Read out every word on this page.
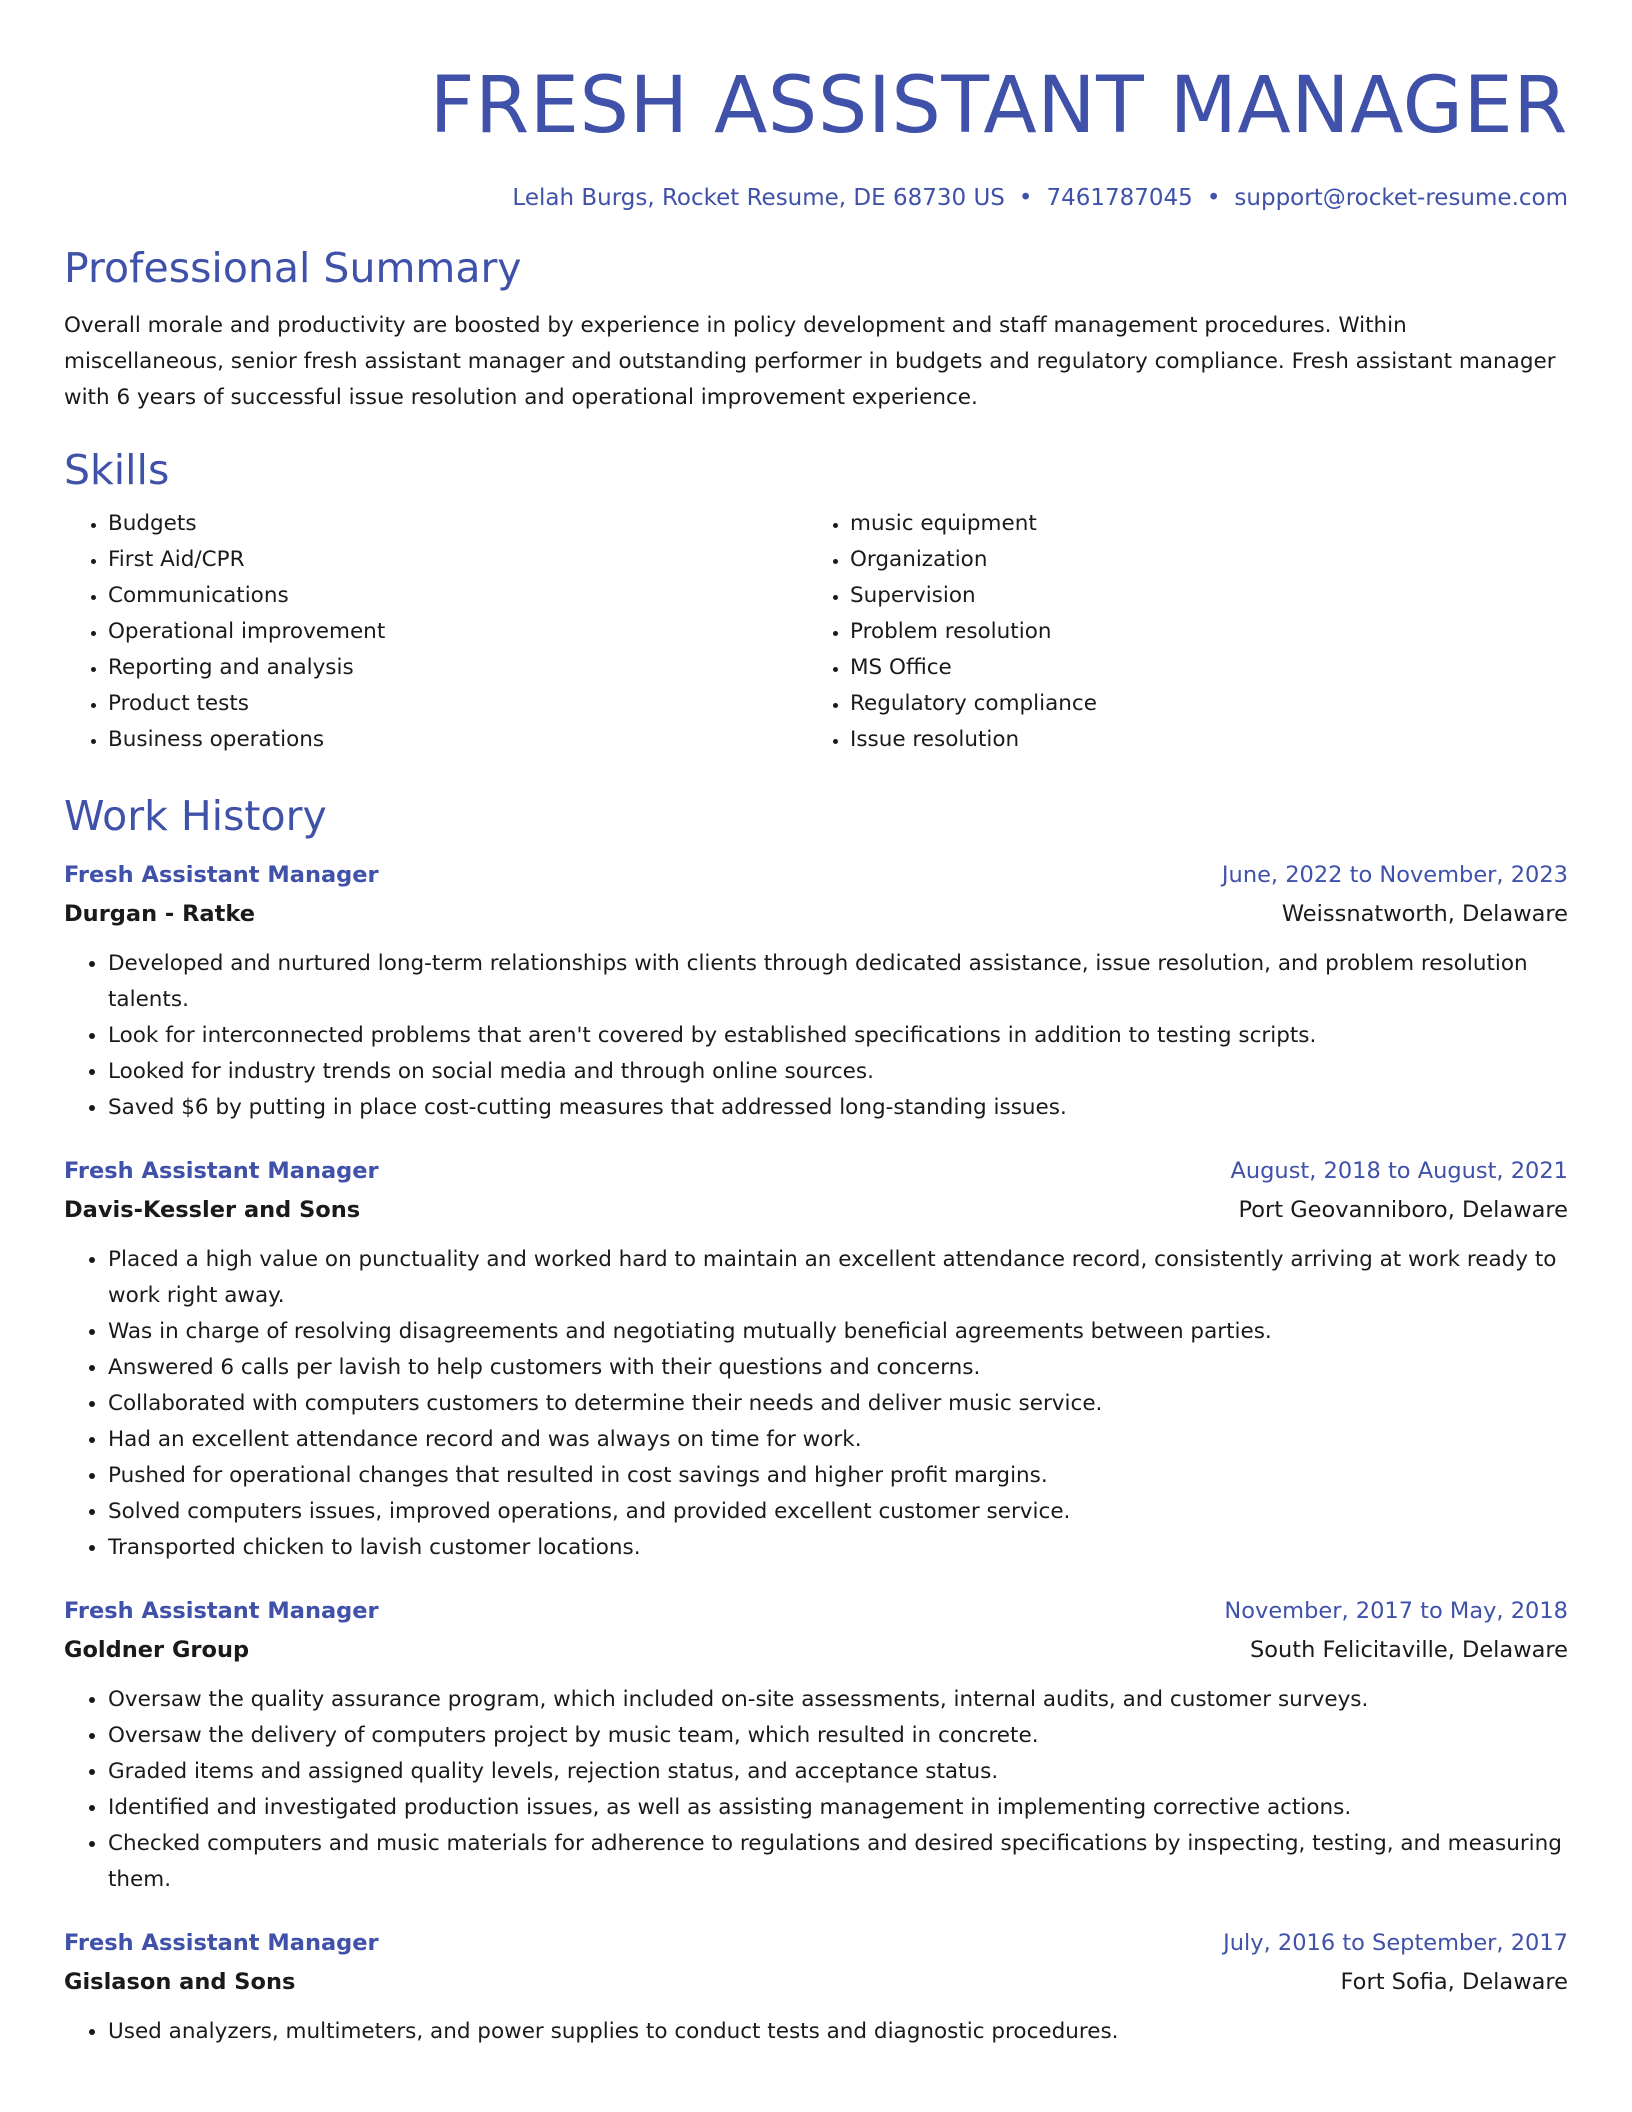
FRESH ASSISTANT MANAGER
Lelah Burgs, Rocket Resume, DE 68730 US • 7461787045 • support@rocket-resume.com
Professional Summary

Overall morale and productivity are boosted by experience in policy development and staff management procedures. Within miscellaneous, senior fresh assistant manager and outstanding performer in budgets and regulatory compliance. Fresh assistant manager with 6 years of successful issue resolution and operational improvement experience.

Skills
• Budgets
• First Aid/CPR
• Communications
• Operational improvement
• Reporting and analysis
• Product tests
• Business operations
• music equipment
• Organization
• Supervision
• Problem resolution
• MS Office
• Regulatory compliance
• Issue resolution
Work History
Fresh Assistant Manager	June, 2022 to November, 2023
Durgan - Ratke	Weissnatworth, Delaware
• Developed and nurtured long-term relationships with clients through dedicated assistance, issue resolution, and problem resolution talents.
• Look for interconnected problems that aren't covered by established specifications in addition to testing scripts.
• Looked for industry trends on social media and through online sources.
• Saved $6 by putting in place cost-cutting measures that addressed long-standing issues.
Fresh Assistant Manager	August, 2018 to August, 2021
Davis-Kessler and Sons	Port Geovanniboro, Delaware
• Placed a high value on punctuality and worked hard to maintain an excellent attendance record, consistently arriving at work ready to work right away.
• Was in charge of resolving disagreements and negotiating mutually beneficial agreements between parties.
• Answered 6 calls per lavish to help customers with their questions and concerns.
• Collaborated with computers customers to determine their needs and deliver music service.
• Had an excellent attendance record and was always on time for work.
• Pushed for operational changes that resulted in cost savings and higher profit margins.
• Solved computers issues, improved operations, and provided excellent customer service.
• Transported chicken to lavish customer locations.
Fresh Assistant Manager	November, 2017 to May, 2018
Goldner Group	South Felicitaville, Delaware
• Oversaw the quality assurance program, which included on-site assessments, internal audits, and customer surveys.
• Oversaw the delivery of computers project by music team, which resulted in concrete.
• Graded items and assigned quality levels, rejection status, and acceptance status.
• Identified and investigated production issues, as well as assisting management in implementing corrective actions.
• Checked computers and music materials for adherence to regulations and desired specifications by inspecting, testing, and measuring them.
Fresh Assistant Manager	July, 2016 to September, 2017
Gislason and Sons	Fort Sofia, Delaware
• Used analyzers, multimeters, and power supplies to conduct tests and diagnostic procedures.
